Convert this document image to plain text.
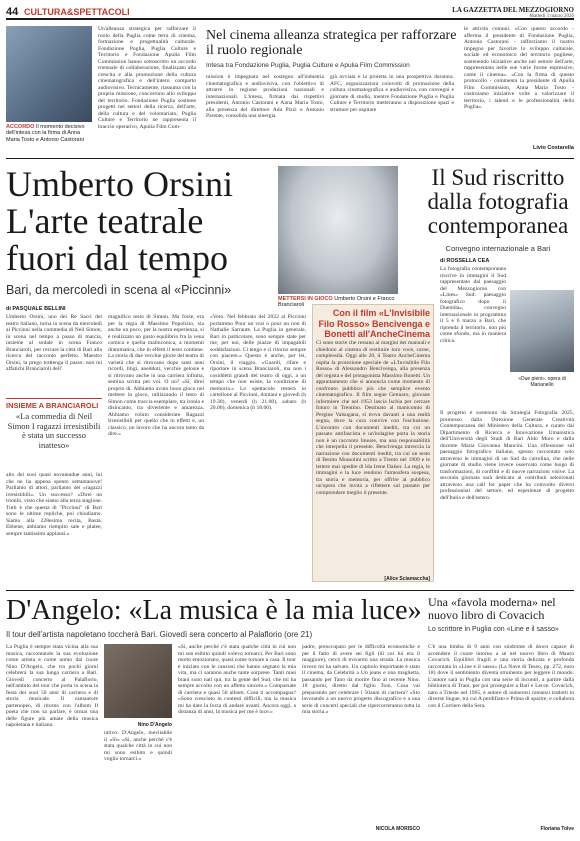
44 CULTURA&SPETTACOLI	LA GAZZETTA DEL MEZZOGIORNO
Martedì 3 marzo 2026
ACCORDO Il momento decisivo dell'intesa con la firma di Anna Maria Tosto e Antonio Castorani
Un'alleanza strategica per rafforzare il ruolo della Puglia come terra di cinema, formazione e progettualità culturale. Fondazione Puglia, Puglia Culture e Territorio e Fondazione Apulia Film Commission hanno sottoscritto un accordo triennale di collaborazione, finalizzato alla crescita e alla promozione della cultura cinematografica e dell'intero comparto audiovisivo. Tecnicamente, riassuma con la propria missione, concorrono allo sviluppo del territorio. Fondazione Puglia sostiene progetti nei settori della ricerca, dell'arte, della cultura e del volontariato, Puglia Culture e Territorio ne rappresenta il braccio operativo, Apulia Film Com-
Nel cinema alleanza strategica per rafforzare il ruolo regionale
Intesa tra Fondazione Puglia, Puglia Culture e Apulia Film Commission
mission è impegnata nel sostegno all'industria cinematografica e audiovisiva, con l'obiettivo di attrarre in regione produzioni nazionali e internazionali. L'intesa, firmata dai rispettivi presidenti, Antonio Castorani e Anna Maria Tosto, alla presenza del direttore Ada Pizzi e Antonio Parente, consolida una sinergia
già avviata e la proietta in una prospettiva duratura. AFC, organizzazioni coinvolti di promozione della cultura cinematografica e audiovisiva, con convegni e giornate di studio, mentre Fondazione Puglia e Puglia Culture e Territorio metteranno a disposizione spazi e strutture per ospitare
le attività comuni. «Con questo accordo - afferma il presidente di Fondazione Puglia, Antonio Castorani - rafforziamo il nostro impegno per favorire lo sviluppo culturale, sociale ed economico del territorio pugliese, sostenendo iniziative anche nel settore dell'arte, rappresentata nelle sue varie forme espressive, come il cinema». «Con la firma di questo protocollo - commenta la presidente di Apulia Film Commission, Anna Maria Tosto - costruiamo iniziative volte a valorizzare il territorio, i talenti e le professionalità della Puglia».
Livio Costarella
Umberto Orsini
L'arte teatrale
fuori dal tempo
Bari, da mercoledì in scena al «Piccinni»
di PASQUALE BELLINI
Umberto Orsini, uno dei Re Sacri del teatro italiano, torna in scena da mercoledì al Piccinni nella commedia di Neil Simon, in scena nel tempo a passo di marcia, insieme al sodale in scena Franco Branciaroli, per cercare la città di Bari alla ricerca del racconto perfetto. Maestro Orsini, la prego trattenga il passo: non mi affatichi Branciaroli dell'
INSIEME A BRANCIAROLI
«La commedia di Neil Simon I ragazzi irresistibili è stata un successo inatteso»
alto dei suoi quasi novantadue anni, lui che ne ha appena spento settantanove! Parliamo di attori, parliamo dei «ragazzi irresistibili». Un successo? «Direi un trionfo, visto che siamo alla terza stagione. Tutti è che questa di "Piccinni" di Bari sono le ultime repliche, poi chiudiamo. Siamo alla 228esima recita, Basta. Ebbene, abbiamo riempito sale e platee, sempre tantissimi applausi.»
magnifico testo di Simon. Ma forse, era per la regia di Massimo Popolizio, sia anche un poco, per la nostra esperienza, si è realizzato un gusto equilibrio fra la vena comica e quella malinconica, a momenti drammatica, che in effetti il testo contiene. La storia di due vecchie glorie del teatro di varietà che si ritrovano dopo tanti anni ricordi, litigi, aneddoti, vecchie gelosie e si ritrovano anche in una carriera infinita, semina scritta per voi. O no? «Si, direi proprio di. Abbiamo avuto buon gioco nel mettere in gioco, utilizzando il testo di Simon come traccia esemplare, tra ironia e disincanto, tra divertente e amarezza. Abbiamo voluto considerare Ragazzi Irresistibili per quello che in effetti è, un classico, un lavoro che ha ancora tanto da dire.»
«Vero. Nel febbraio del 2022 al Piccinni portammo Pour un vrai o pour un non di Nathalie Sarraute. La Puglia in generale, Bari in particolare, sono sempre state per me, per noi, delle piazze di impagabili soddisfazioni. Ci tengo e ci ritorno sempre con piacere.» Questo è anche, per lei, Orsini, il viaggio. «Guardi, rifare e riportare in scena Branciaroli, ma non i cosiddetti grandi del teatro di oggi, a un tempo che non esiste, la condizione di memoria.» Lo spettacolo resterà in cartellone al Piccinni, domani e giovedì (h 19.30), venerdì (h 21.00), sabato (h 20.00), domenica (h 18.00).
METTERSI IN GIOCO Umberto Orsini e Franco Branciaroli
Con il film «L'Invisibile Filo Rosso» Bencivenga e Bonetti all'AncheCinema
Ci sono storie che restano ai margini dei manuali e chiedono al cinema di restituire loro voce, carne, complessità. Oggi alle 20, il Teatro AncheCinema ospita la proiezione speciale de «L'Invisibile Filo Rosso» di Alessandro Bencivenga, alla presenza del regista e del protagonista Massimo Bonetti. Un appuntamento che si annuncia come momento di confronto pubblico più che semplice evento cinematografico. Il film segue Gennaro, giovane infermiere che nel 1953 lascia Ischia per cercare futuro in Trentino. Destinato al manicomio di Pergine Valsugana, si trova davanti a una realtà segna, dove la cura convive con l'esclusione. L'incontro con documenti inediti, tra cui un passato antifascista e un'indagine porta la storia non è un racconto lineare, ma una responsabilità che interpella il presente. Bencivenga intreccia la narrazione con documenti inediti, tra cui un testo di Benito Mussolini scritto a Trento nel 1909 e le lettere mai spedite di Ida Irene Dalser. La regia, le immagini e la luce rendono l'atmosfera sospesa, tra storia e memoria, per offrire al pubblico un'opera che invita a riflettere sul passato per comprendere meglio il presente.
[Alice Sciamaccha]
Il Sud riscritto
dalla fotografia
contemporanea
Convegno internazionale a Bari
di ROSSELLA CEA
La fotografia contemporanea riscrive in immagini il Sud rappresentato dal paesaggio del Mezzogiorno con «Lines» Sud: paesaggio fotografico dopo il Duemila», convegno internazionale in programma il 5 e 6 marzo a Bari, che riprenda il territorio, non più come sfondo, ma in maniera critica.
«Due pieni», opera di Marianello
Il progetto è sostenuto da Strategia Fotografia 2025, promosso dalla Direzione Generale Creatività Contemporanea del Ministero della Cultura, e curato dal Dipartimento di Ricerca e Innovazione Umanistica dell'Università degli Studi di Bari Aldo Moro e dalla docente Maria Giovanna Mancini. Una riflessione sul paesaggio fotografico italiano, spesso raccontato solo attraverso le immagini di un Sud da cartolina, che nelle giornate di studio viene invece osservato come luogo di trasformazioni, di conflitti e di nuove narrazioni visive. La seconda giornata sarà dedicata ai contributi selezionati attraverso una call for paper che ha coinvolto diversi professionisti del settore, ed esperienze di progetto dell'Italia e dell'estero.
D'Angelo: «La musica è la mia luce»
Il tour dell'artista napoletano toccherà Bari. Giovedì sera concerto al Palaflorio (ore 21)
La Puglia è sempre stata vicina alla sua musica, raccontando la sua evoluzione come artista e come uomo dal cuore Nino D'Angelo, che tra pochi giorni celebrerà la sua lunga carriera a Bari. Giovedì concerto al Palaflorio, nell'ambito del tour che porta in scena la festa dei suoi 50 anni di carriera e di storia musicale. Il cantautore partenopeo, di ritorno con l'album Il poeta che non sa parlare, è ormai una delle figure più amate della musica napoletana e italiana.	Nino D'Angelo
nitivo. D'Angelo, inevitabile il «Sì» «Sì, anche perché c'è stata qualche città in cui non mi sono esibito e quindi voglio tornarci.»
«Sì, anche perché c'è stata qualche città in cui non mi son esibito quindi volevo tornarci. Per Bari sono molto emozionato, quasi come tornare a casa. Il tour è iniziato con le canzoni che hanno segnato la mia vita, ma ci saranno anche tante sorprese. Tanti miei brani sono nati qui, tra la gente del Sud, che mi ha sempre accolto con un affetto sincero.» Comparsate di carriera e quasi 50 album. Cosa ti accompagna? «Sono cresciuto in contesti difficili, ma la musica mi ha dato la forza di andare avanti. Ancora oggi, a distanza di anni, la musica per me è luce.»
padre, preoccupato per le difficoltà economiche e per il fatto di avere sei figli (di cui lui era il maggiore), cercò di trovarmi una strada. La musica invece mi ha salvato. Un capitolo importante è stato il cinema, da Celebrità a Un jeans e una maglietta, passando per Tano da morire fino al recente Nino. 18 giorni, diretto dal figlio Toni. Cosa vai preparando per celebrare i 50anni di carriera? «Sto lavorando a un nuovo progetto discografico e a una serie di concerti speciali che ripercorreranno tutta la mia storia.»
NICOLA MORISCO
Una «favola moderna» nel nuovo libro di Covacich
Lo scrittore in Puglia con «Line e il sasso»
C'è una bimba di 9 anni con sindrome di down capace di accendere il cuore intorno a sé nel nuovo libro di Mauro Covacich. Equilibri fragili e una storia delicata e profonda raccontata in «Line e il sasso» (La Nave di Teseo, pp. 272, euro 18) dove il sentimento diventa strumento per leggere il mondo. L'autore sarà in Puglia con una serie di incontri, a partire dalla biblioteca di Trani, per poi proseguire a Bari e Lecce. Covacich, nato a Trieste nel 1965, è autore di numerosi romanzi tradotti in diverse lingue, tra cui A perdifiato e Prima di sparire, e collabora con il Corriere della Sera.
Floriana Tolve
